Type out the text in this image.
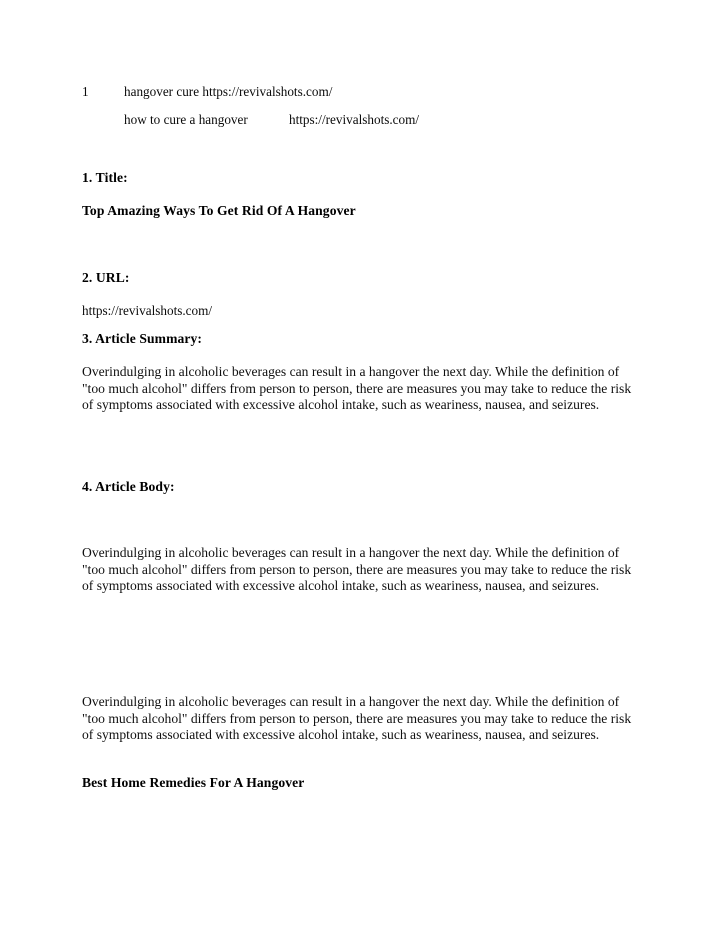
1	hangover cure
https://revivalshots.com/
how to cure a hangover	https://revivalshots.com/
1. Title:
Top Amazing Ways To Get Rid Of A Hangover
2. URL:
https://revivalshots.com/
3. Article Summary:

Overindulging in alcoholic beverages can result in a hangover the next day. While the definition of "too much alcohol" differs from person to person, there are measures you may take to reduce the risk of symptoms associated with excessive alcohol intake, such as weariness, nausea, and seizures.

4. Article Body:

Overindulging in alcoholic beverages can result in a hangover the next day. While the definition of "too much alcohol" differs from person to person, there are measures you may take to reduce the risk of symptoms associated with excessive alcohol intake, such as weariness, nausea, and seizures.

Overindulging in alcoholic beverages can result in a hangover the next day. While the definition of "too much alcohol" differs from person to person, there are measures you may take to reduce the risk of symptoms associated with excessive alcohol intake, such as weariness, nausea, and seizures.

Best Home Remedies For A Hangover
